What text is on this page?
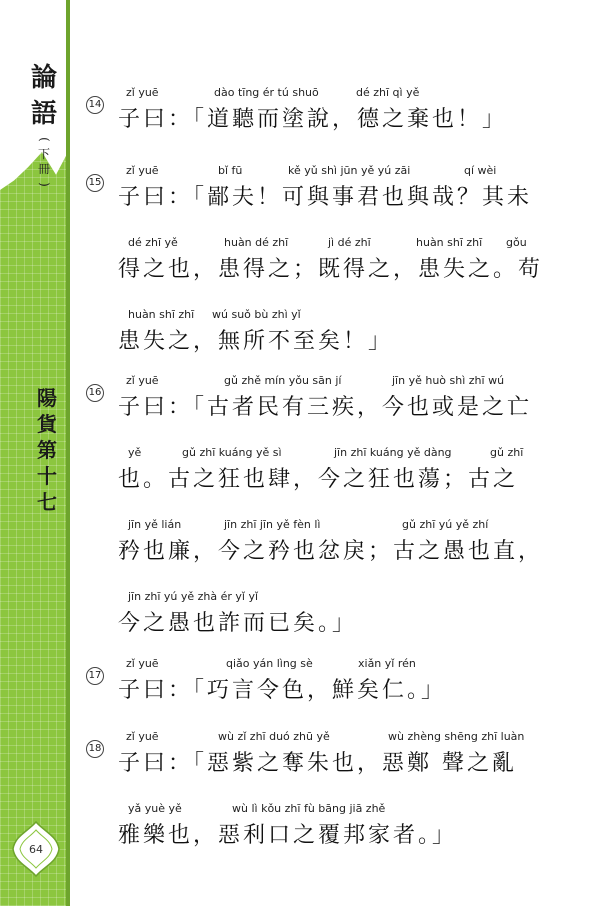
論
語
(
下
冊
)
陽
貨
第
十
七
64
14
zǐ yuē	dào tīng ér tú shuō	dé zhī qì yě
子曰：「道聽而塗說，德之棄也！」
15
zǐ yuē	bǐ fū	kě yǔ shì jūn yě yú zāi	qí wèi
子曰：「鄙夫！可與事君也與哉？其未
dé zhī yě	huàn dé zhī	jì dé zhī	huàn shī zhī gǒu
得之也，患得之；既得之，患失之。苟
huàn shī zhī wú suǒ bù zhì yǐ
患失之，無所不至矣！」
16
zǐ yuē	gǔ zhě mín yǒu sān jí	jīn yě huò shì zhī wú
子曰：「古者民有三疾，今也或是之亡
yě	gǔ zhī kuáng yě sì	jīn zhī kuáng yě dàng	gǔ zhī
也。古之狂也肆，今之狂也蕩；古之
jīn yě lián	jīn zhī jīn yě fèn lì	gǔ zhī yú yě zhí
矜也廉，今之矜也忿戾；古之愚也直，
jīn zhī yú yě zhà ér yǐ yǐ
今之愚也詐而已矣。」
17
zǐ yuē	qiǎo yán lìng sè	xiǎn yǐ rén
子曰：「巧言令色，鮮矣仁。」
18
zǐ yuē	wù zǐ zhī duó zhū yě	wù zhèng shēng zhī luàn
子曰：「惡紫之奪朱也，惡鄭 聲之亂
yǎ yuè yě	wù lì kǒu zhī fù bāng jiā zhě
雅樂也，惡利口之覆邦家者。」
